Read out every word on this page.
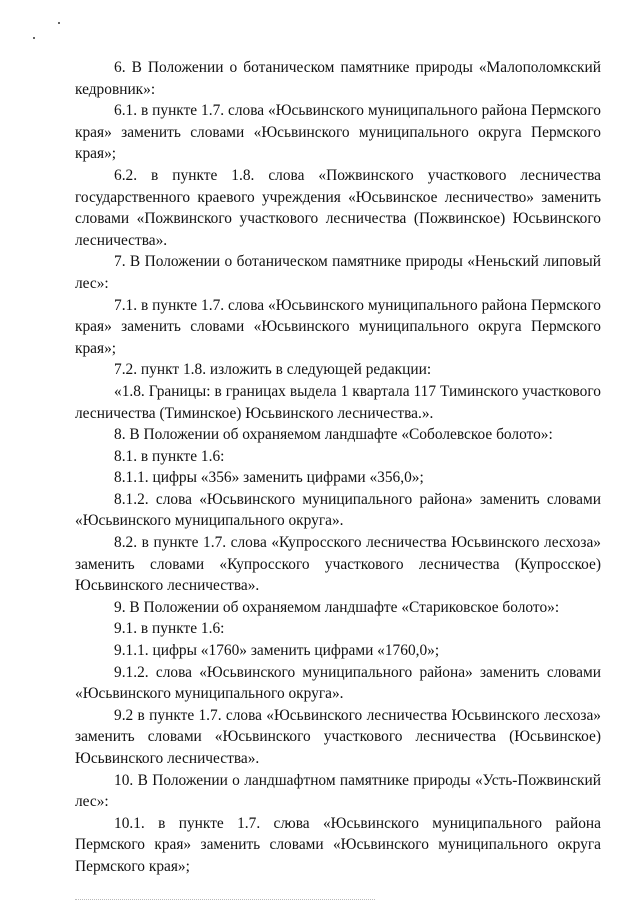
6. В Положении о ботаническом памятнике природы «Малополомкский кедровник»:

6.1. в пункте 1.7. слова «Юсьвинского муниципального района Пермского края» заменить словами «Юсьвинского муниципального округа Пермского края»;

6.2. в пункте 1.8. слова «Пожвинского участкового лесничества государственного краевого учреждения «Юсьвинское лесничество» заменить словами «Пожвинского участкового лесничества (Пожвинское) Юсьвинского лесничества».

7. В Положении о ботаническом памятнике природы «Неньский липовый лес»:

7.1. в пункте 1.7. слова «Юсьвинского муниципального района Пермского края» заменить словами «Юсьвинского муниципального округа Пермского края»;

7.2. пункт 1.8. изложить в следующей редакции:

«1.8. Границы: в границах выдела 1 квартала 117 Тиминского участкового лесничества (Тиминское) Юсьвинского лесничества.».

8. В Положении об охраняемом ландшафте «Соболевское болото»:

8.1. в пункте 1.6:

8.1.1. цифры «356» заменить цифрами «356,0»;

8.1.2. слова «Юсьвинского муниципального района» заменить словами «Юсьвинского муниципального округа».

8.2. в пункте 1.7. слова «Купросского лесничества Юсьвинского лесхоза» заменить словами «Купросского участкового лесничества (Купросское) Юсьвинского лесничества».

9. В Положении об охраняемом ландшафте «Стариковское болото»:

9.1. в пункте 1.6:

9.1.1. цифры «1760» заменить цифрами «1760,0»;

9.1.2. слова «Юсьвинского муниципального района» заменить словами «Юсьвинского муниципального округа».

9.2 в пункте 1.7. слова «Юсьвинского лесничества Юсьвинского лесхоза» заменить словами «Юсьвинского участкового лесничества (Юсьвинское) Юсьвинского лесничества».

10. В Положении о ландшафтном памятнике природы «Усть-Пожвинский лес»:

10.1. в пункте 1.7. слова «Юсьвинского муниципального района Пермского края» заменить словами «Юсьвинского муниципального округа Пермского края»;
